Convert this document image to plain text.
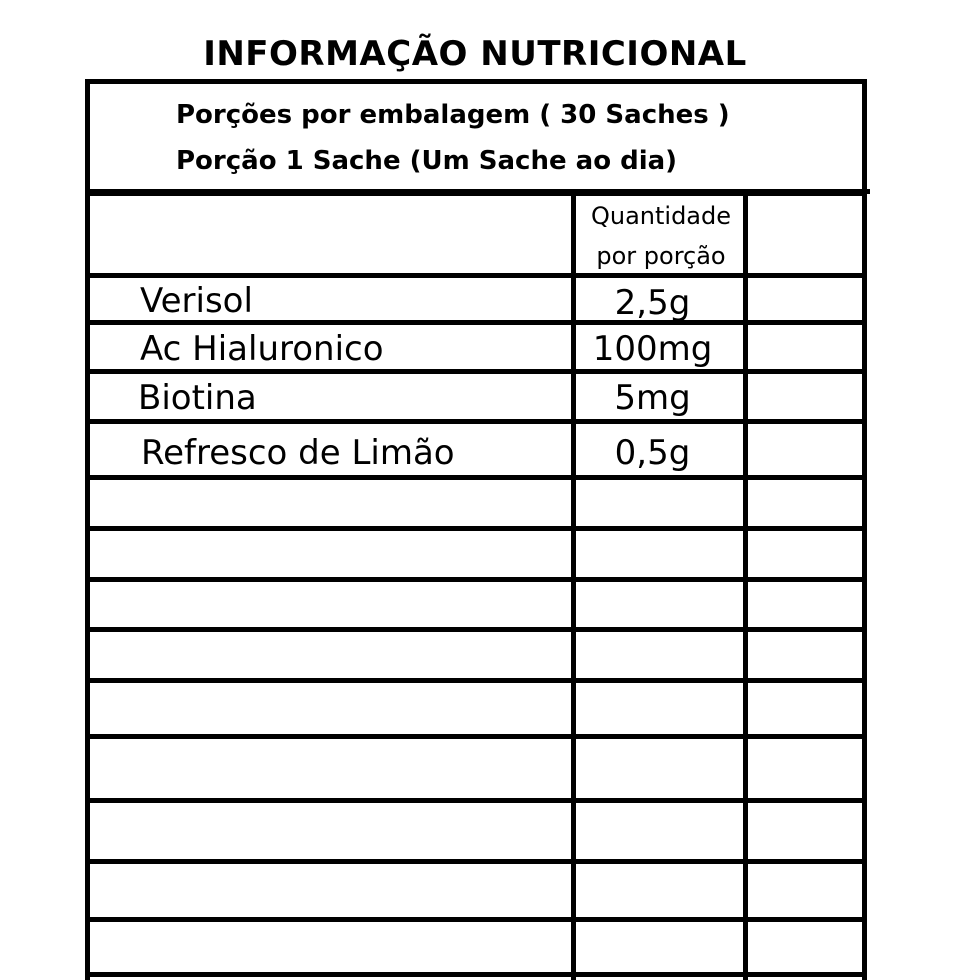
INFORMAÇÃO NUTRICIONAL
Porções por embalagem ( 30 Saches )
Porção 1 Sache (Um Sache ao dia)
Quantidade
por porção
Verisol	2,5g
Ac Hialuronico	100mg
Biotina	5mg
Refresco de Limão	0,5g
